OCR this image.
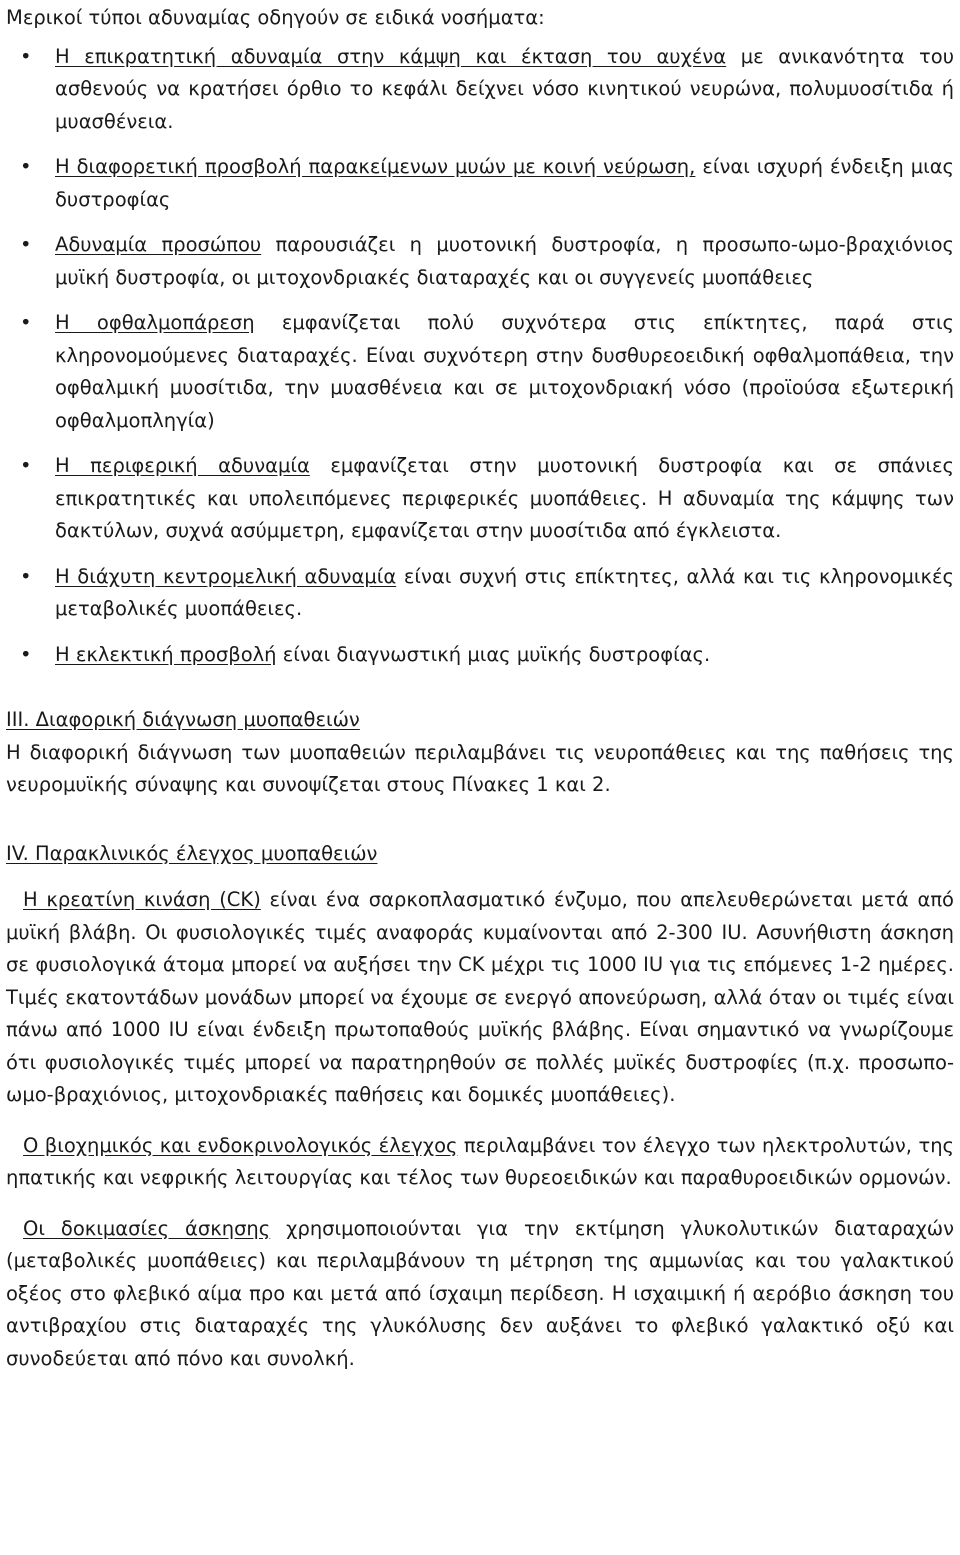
Μερικοί τύποι αδυναμίας οδηγούν σε ειδικά νοσήματα:

• Η επικρατητική αδυναμία στην κάμψη και έκταση του αυχένα με ανικανότητα του ασθενούς να κρατήσει όρθιο το κεφάλι δείχνει νόσο κινητικού νευρώνα, πολυμυοσίτιδα ή μυασθένεια.
• Η διαφορετική προσβολή παρακείμενων μυών με κοινή νεύρωση, είναι ισχυρή ένδειξη μιας δυστροφίας
• Αδυναμία προσώπου παρουσιάζει η μυοτονική δυστροφία, η προσωπο-ωμο-βραχιόνιος μυϊκή δυστροφία, οι μιτοχονδριακές διαταραχές και οι συγγενείς μυοπάθειες
• Η οφθαλμοπάρεση εμφανίζεται πολύ συχνότερα στις επίκτητες, παρά στις κληρονομούμενες διαταραχές. Είναι συχνότερη στην δυσθυρεοειδική οφθαλμοπάθεια, την οφθαλμική μυοσίτιδα, την μυασθένεια και σε μιτοχονδριακή νόσο (προϊούσα εξωτερική οφθαλμοπληγία)
• Η περιφερική αδυναμία εμφανίζεται στην μυοτονική δυστροφία και σε σπάνιες επικρατητικές και υπολειπόμενες περιφερικές μυοπάθειες. Η αδυναμία της κάμψης των δακτύλων, συχνά ασύμμετρη, εμφανίζεται στην μυοσίτιδα από έγκλειστα.
• Η διάχυτη κεντρομελική αδυναμία είναι συχνή στις επίκτητες, αλλά και τις κληρονομικές μεταβολικές μυοπάθειες.
• Η εκλεκτική προσβολή είναι διαγνωστική μιας μυϊκής δυστροφίας.

III. Διαφορική διάγνωση μυοπαθειών

Η διαφορική διάγνωση των μυοπαθειών περιλαμβάνει τις νευροπάθειες και της παθήσεις της νευρομυϊκής σύναψης και συνοψίζεται στους Πίνακες 1 και 2.

IV. Παρακλινικός έλεγχος μυοπαθειών

Η κρεατίνη κινάση (CK) είναι ένα σαρκοπλασματικό ένζυμο, που απελευθερώνεται μετά από μυϊκή βλάβη. Οι φυσιολογικές τιμές αναφοράς κυμαίνονται από 2-300 IU. Ασυνήθιστη άσκηση σε φυσιολογικά άτομα μπορεί να αυξήσει την CK μέχρι τις 1000 IU για τις επόμενες 1-2 ημέρες. Τιμές εκατοντάδων μονάδων μπορεί να έχουμε σε ενεργό απονεύρωση, αλλά όταν οι τιμές είναι πάνω από 1000 IU είναι ένδειξη πρωτοπαθούς μυϊκής βλάβης. Είναι σημαντικό να γνωρίζουμε ότι φυσιολογικές τιμές μπορεί να παρατηρηθούν σε πολλές μυϊκές δυστροφίες (π.χ. προσωπο-ωμο-βραχιόνιος, μιτοχονδριακές παθήσεις και δομικές μυοπάθειες).

Ο βιοχημικός και ενδοκρινολογικός έλεγχος περιλαμβάνει τον έλεγχο των ηλεκτρολυτών, της ηπατικής και νεφρικής λειτουργίας και τέλος των θυρεοειδικών και παραθυροειδικών ορμονών.

Οι δοκιμασίες άσκησης χρησιμοποιούνται για την εκτίμηση γλυκολυτικών διαταραχών (μεταβολικές μυοπάθειες) και περιλαμβάνουν τη μέτρηση της αμμωνίας και του γαλακτικού οξέος στο φλεβικό αίμα προ και μετά από ίσχαιμη περίδεση. Η ισχαιμική ή αερόβιο άσκηση του αντιβραχίου στις διαταραχές της γλυκόλυσης δεν αυξάνει το φλεβικό γαλακτικό οξύ και συνοδεύεται από πόνο και συνολκή.
